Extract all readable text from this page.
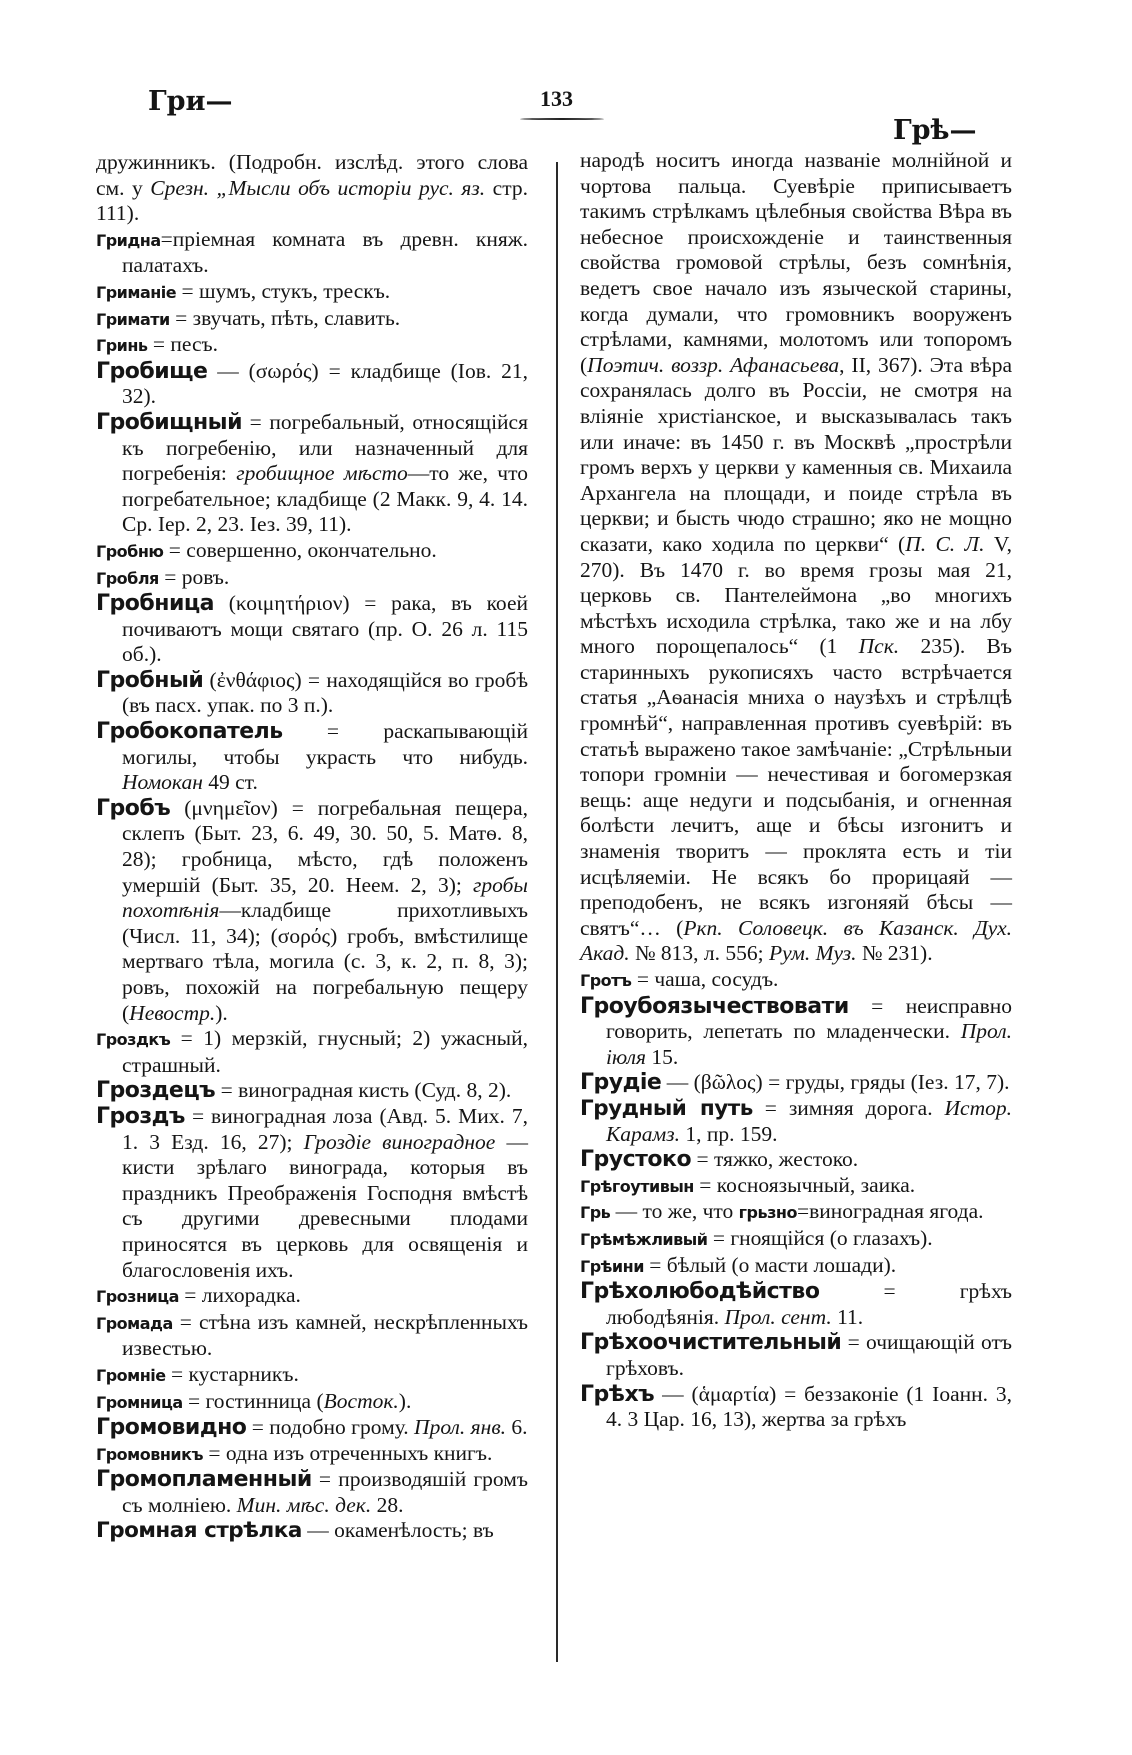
Гри—	133
Грѣ—
дружинникъ. (Подробн. изслѣд. этого слова см. у Срезн. „Мысли объ исторіи рус. яз. стр. 111).
Гридна=пріемная комната въ древн. княж. палатахъ.
Гриманіе = шумъ, стукъ, трескъ.
Гримати = звучать, пѣть, славить.
Гринь = песъ.
Гробище — (σωρός) = кладбище (Іов. 21, 32).
Гробищный = погребальный, относящійся къ погребенію, или назначенный для погребенія: гробищное мѣсто—то же, что погребательное; кладбище (2 Макк. 9, 4. 14. Ср. Іер. 2, 23. Іез. 39, 11).
Гробню = совершенно, окончательно.
Гробля = ровъ.
Гробница (κοιμητήριον) = рака, въ коей почиваютъ мощи святаго (пр. О. 26 л. 115 об.).
Гробный (ἐνθάφιος) = находящійся во гробѣ (въ пасх. упак. по 3 п.).
Гробокопатель = раскапывающій могилы, чтобы украсть что нибудь. Номокан 49 ст.
Гробъ (μνημεῖον) = погребальная пещера, склепъ (Быт. 23, 6. 49, 30. 50, 5. Матѳ. 8, 28); гробница, мѣсто, гдѣ положенъ умершій (Быт. 35, 20. Неем. 2, 3); гробы похотѣнія—кладбище прихотливыхъ (Числ. 11, 34); (σορός) гробъ, вмѣстилище мертваго тѣла, могила (с. 3, к. 2, п. 8, 3); ровъ, похожій на погребальную пещеру (Невостр.).
Гроздкъ = 1) мерзкій, гнусный; 2) ужасный, страшный.
Гроздецъ = виноградная кисть (Суд. 8, 2).
Гроздъ = виноградная лоза (Авд. 5. Мих. 7, 1. 3 Езд. 16, 27); Гроздіе виноградное — кисти зрѣлаго винограда, которыя въ праздникъ Преображенія Господня вмѣстѣ съ другими древесными плодами приносятся въ церковь для освященія и благословенія ихъ.
Грозница = лихорадка.
Громада = стѣна изъ камней, нескрѣпленныхъ известью.
Громніе = кустарникъ.
Громница = гостинница (Восток.).
Громовидно = подобно грому. Прол. янв. 6.
Громовникъ = одна изъ отреченныхъ книгъ.
Громопламенный = производяшій громъ съ молніею. Мин. мѣс. дек. 28.
Громная стрѣлка — окаменѣлость; въ
народѣ носитъ иногда названіе молнійной и чортова пальца. Суевѣріе приписываетъ такимъ стрѣлкамъ цѣлебныя свойства Вѣра въ небесное происхожденіе и таинственныя свойства громовой стрѣлы, безъ сомнѣнія, ведетъ свое начало изъ языческой старины, когда думали, что громовникъ вооруженъ стрѣлами, камнями, молотомъ или топоромъ (Поэтич. воззр. Афанасьева, II, 367). Эта вѣра сохранялась долго въ Россіи, не смотря на вліяніе христіанское, и высказывалась такъ или иначе: въ 1450 г. въ Москвѣ „прострѣли громъ верхъ у церкви у каменныя св. Михаила Архангела на площади, и поиде стрѣла въ церкви; и бысть чюдо страшно; яко не мощно сказати, како ходила по церкви“ (П. С. Л. V, 270). Въ 1470 г. во время грозы мая 21, церковь св. Пантелеймона „во многихъ мѣстѣхъ исходила стрѣлка, тако же и на лбу много порощепалось“ (1 Пск. 235). Въ старинныхъ рукописяхъ часто встрѣчается статья „Аѳанасія мниха о наузѣхъ и стрѣлцѣ громнѣй“, направленная противъ суевѣрій: въ статьѣ выражено такое замѣчаніе: „Стрѣльныи топори громніи — нечестивая и богомерзкая вещь: аще недуги и подсыбанія, и огненная болѣсти лечитъ, аще и бѣсы изгонитъ и знаменія творитъ — проклята есть и тіи исцѣляеміи. Не всякъ бо прорицаяй — преподобенъ, не всякъ изгоняяй бѣсы — святъ“… (Ркп. Соловецк. въ Казанск. Дух. Акад. № 813, л. 556; Рум. Муз. № 231).
Гротъ = чаша, сосудъ.
Гроубоязычествовати = неисправно говорить, лепетать по младенчески. Прол. іюля 15.
Грудіе — (βῶλος) = груды, гряды (Іез. 17, 7).
Грудный путь = зимняя дорога. Истор. Карамз. 1, пр. 159.
Грустоко = тяжко, жестоко.
Грѣгоутивын = косноязычный, заика.
Грь — то же, что грьзно=виноградная ягода.
Грѣмѣжливый = гноящійся (о глазахъ).
Грѣини = бѣлый (о масти лошади).
Грѣхолюбодѣйство = грѣхъ любодѣянія. Прол. сент. 11.
Грѣхоочистительный = очищающій отъ грѣховъ.
Грѣхъ — (ἁμαρτία) = беззаконіе (1 Іоанн. 3, 4. 3 Цар. 16, 13), жертва за грѣхъ
